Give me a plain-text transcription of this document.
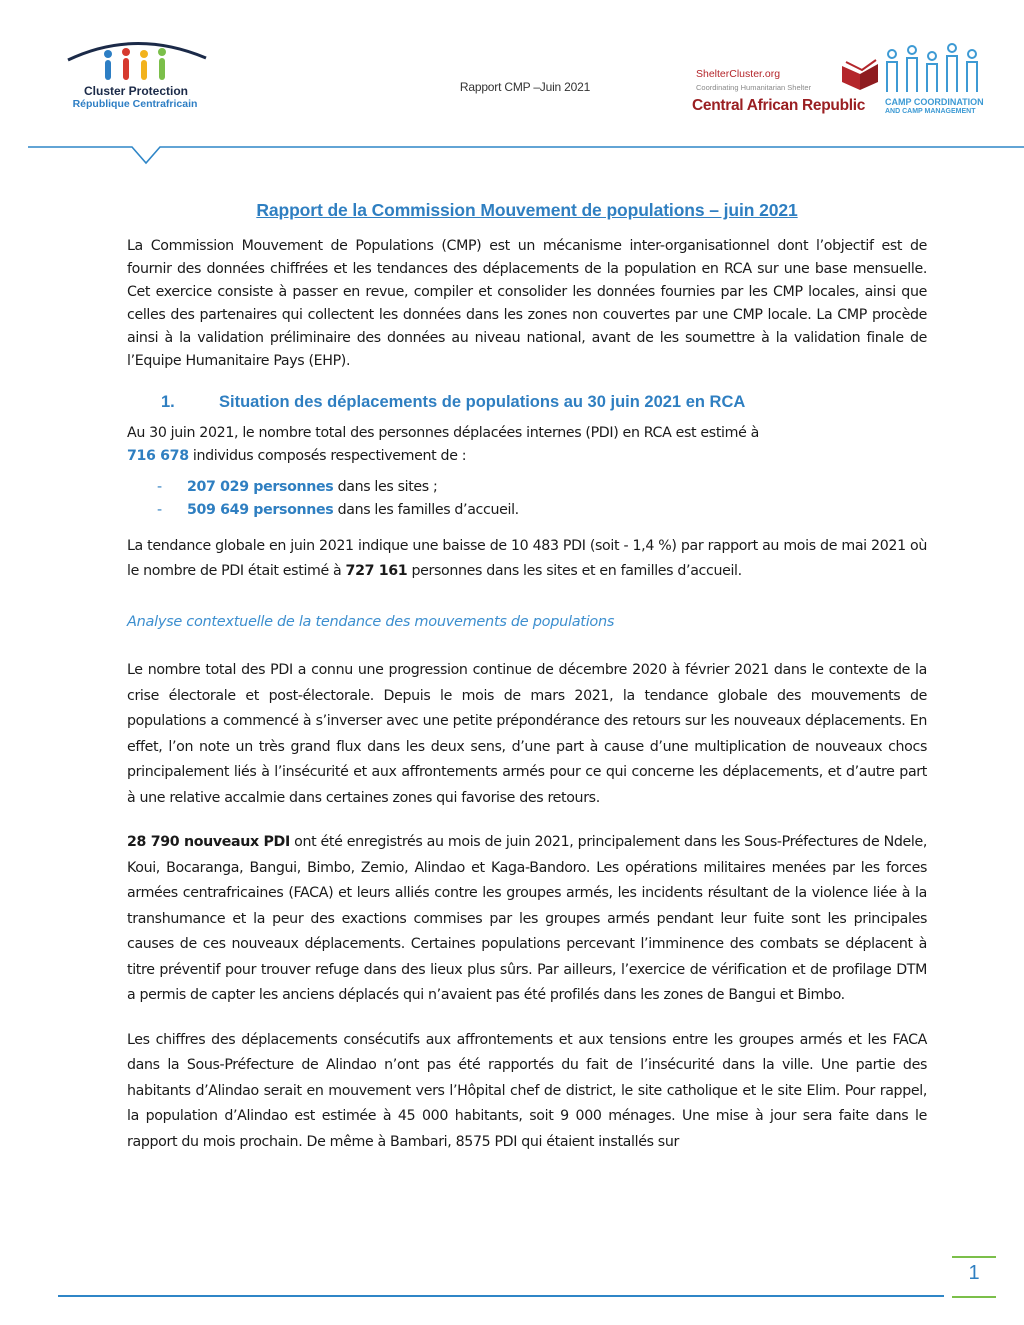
Cluster Protection
République Centrafricain
Rapport CMP –Juin 2021
ShelterCluster.org
Coordinating Humanitarian Shelter
Central African Republic CAMP COORDINATION
AND CAMP MANAGEMENT
Rapport de la Commission Mouvement de populations – juin 2021

La Commission Mouvement de Populations (CMP) est un mécanisme inter-organisationnel dont l’objectif est de fournir des données chiffrées et les tendances des déplacements de la population en RCA sur une base mensuelle. Cet exercice consiste à passer en revue, compiler et consolider les données fournies par les CMP locales, ainsi que celles des partenaires qui collectent les données dans les zones non couvertes par une CMP locale. La CMP procède ainsi à la validation préliminaire des données au niveau national, avant de les soumettre à la validation finale de l’Equipe Humanitaire Pays (EHP).

1.	Situation des déplacements de populations au 30 juin 2021 en RCA

Au 30 juin 2021, le nombre total des personnes déplacées internes (PDI) en RCA est estimé à
716 678 individus composés respectivement de :

- 207 029 personnes dans les sites ;
- 509 649 personnes dans les familles d’accueil.

La tendance globale en juin 2021 indique une baisse de 10 483 PDI (soit - 1,4 %) par rapport au mois de mai 2021 où le nombre de PDI était estimé à 727 161 personnes dans les sites et en familles d’accueil.

Analyse contextuelle de la tendance des mouvements de populations

Le nombre total des PDI a connu une progression continue de décembre 2020 à février 2021 dans le contexte de la crise électorale et post-électorale. Depuis le mois de mars 2021, la tendance globale des mouvements de populations a commencé à s’inverser avec une petite prépondérance des retours sur les nouveaux déplacements. En effet, l’on note un très grand flux dans les deux sens, d’une part à cause d’une multiplication de nouveaux chocs principalement liés à l’insécurité et aux affrontements armés pour ce qui concerne les déplacements, et d’autre part à une relative accalmie dans certaines zones qui favorise des retours.

28 790 nouveaux PDI ont été enregistrés au mois de juin 2021, principalement dans les Sous-Préfectures de Ndele, Koui, Bocaranga, Bangui, Bimbo, Zemio, Alindao et Kaga-Bandoro. Les opérations militaires menées par les forces armées centrafricaines (FACA) et leurs alliés contre les groupes armés, les incidents résultant de la violence liée à la transhumance et la peur des exactions commises par les groupes armés pendant leur fuite sont les principales causes de ces nouveaux déplacements. Certaines populations percevant l’imminence des combats se déplacent à titre préventif pour trouver refuge dans des lieux plus sûrs. Par ailleurs, l’exercice de vérification et de profilage DTM a permis de capter les anciens déplacés qui n’avaient pas été profilés dans les zones de Bangui et Bimbo.

Les chiffres des déplacements consécutifs aux affrontements et aux tensions entre les groupes armés et les FACA dans la Sous-Préfecture de Alindao n’ont pas été rapportés du fait de l’insécurité dans la ville. Une partie des habitants d’Alindao serait en mouvement vers l’Hôpital chef de district, le site catholique et le site Elim. Pour rappel, la population d’Alindao est estimée à 45 000 habitants, soit 9 000 ménages. Une mise à jour sera faite dans le rapport du mois prochain. De même à Bambari, 8575 PDI qui étaient installés sur

1
